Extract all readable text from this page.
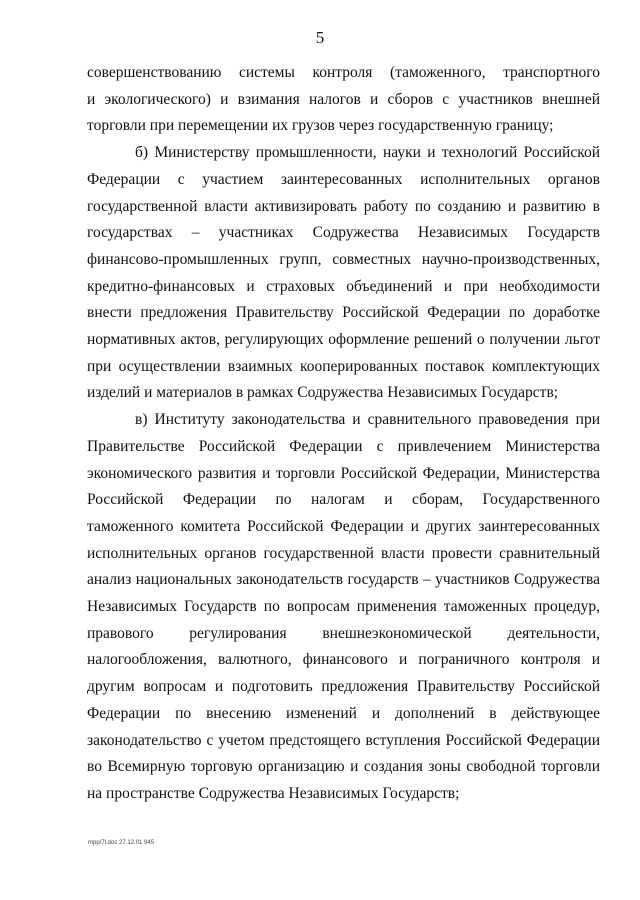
5
совершенствованию системы контроля (таможенного, транспортного
и экологического) и взимания налогов и сборов с участников внешней
торговли при перемещении их грузов через государственную границу;
б) Министерству промышленности, науки и технологий Российской
Федерации с участием заинтересованных исполнительных органов
государственной власти активизировать работу по созданию и развитию в
государствах – участниках Содружества Независимых Государств
финансово-промышленных групп, совместных научно-производственных,
кредитно-финансовых и страховых объединений и при необходимости
внести предложения Правительству Российской Федерации по доработке
нормативных актов, регулирующих оформление решений о получении льгот
при осуществлении взаимных кооперированных поставок комплектующих
изделий и материалов в рамках Содружества Независимых Государств;
в) Институту законодательства и сравнительного правоведения при
Правительстве Российской Федерации с привлечением Министерства
экономического развития и торговли Российской Федерации, Министерства
Российской Федерации по налогам и сборам, Государственного
таможенного комитета Российской Федерации и других заинтересованных
исполнительных органов государственной власти провести сравнительный
анализ национальных законодательств государств – участников Содружества
Независимых Государств по вопросам применения таможенных процедур,
правового регулирования внешнеэкономической деятельности,
налогообложения, валютного, финансового и пограничного контроля и
другим вопросам и подготовить предложения Правительству Российской
Федерации по внесению изменений и дополнений в действующее
законодательство с учетом предстоящего вступления Российской Федерации
во Всемирную торговую организацию и создания зоны свободной торговли
на пространстве Содружества Независимых Государств;
mpp/7l.doc 27.12.01 945
